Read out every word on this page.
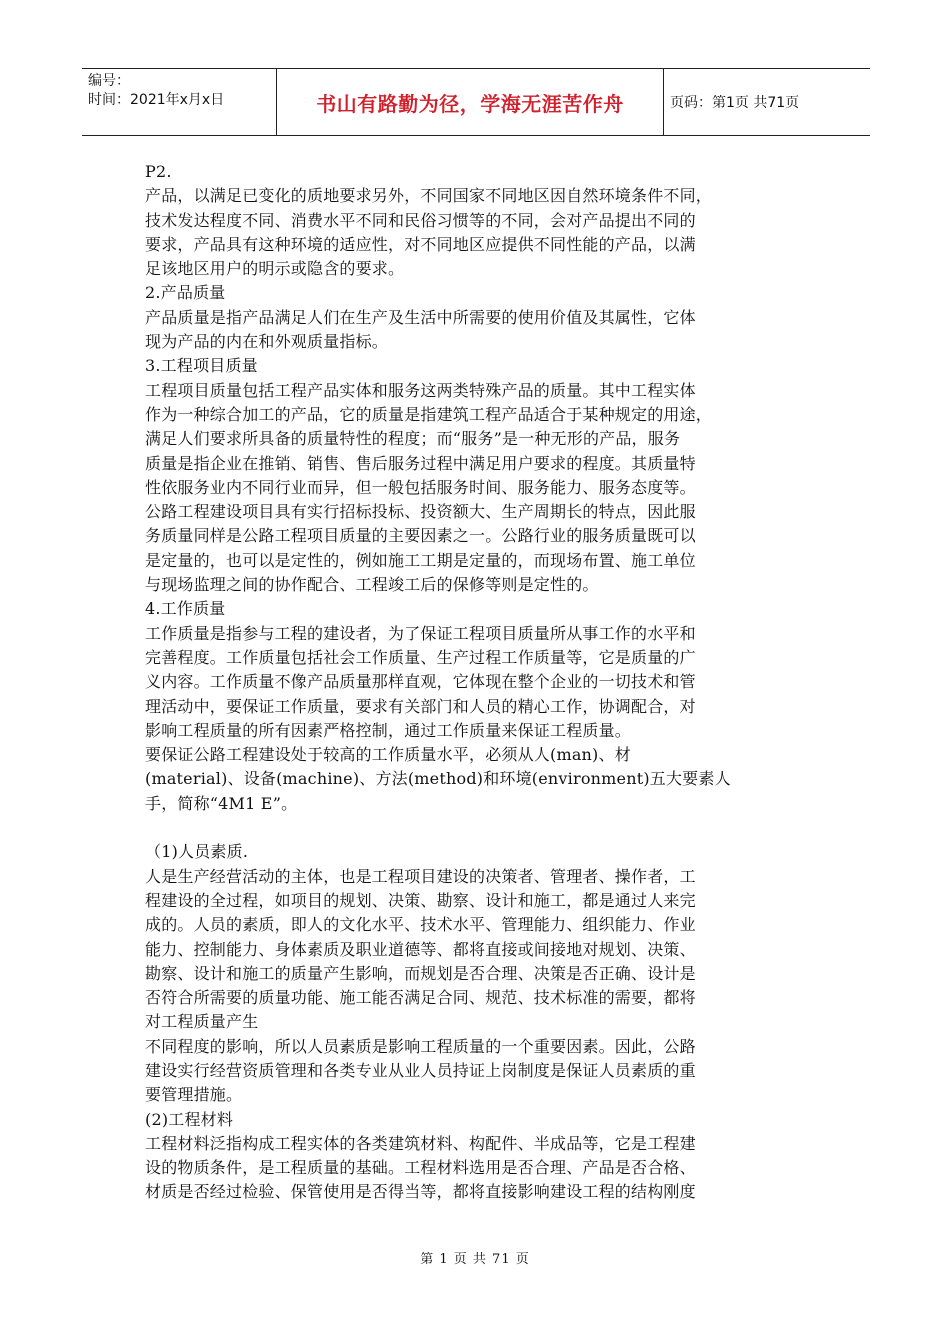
编号：
时间：2021年x月x日	书山有路勤为径，学海无涯苦作舟	页码：第1页 共71页

P2.

产品，以满足已变化的质地要求另外，不同国家不同地区因自然环境条件不同，

技术发达程度不同、消费水平不同和民俗习惯等的不同，会对产品提出不同的

要求，产品具有这种环境的适应性，对不同地区应提供不同性能的产品，以满

足该地区用户的明示或隐含的要求。

2.产品质量

产品质量是指产品满足人们在生产及生活中所需要的使用价值及其属性，它体

现为产品的内在和外观质量指标。

3.工程项目质量

工程项目质量包括工程产品实体和服务这两类特殊产品的质量。其中工程实体

作为一种综合加工的产品，它的质量是指建筑工程产品适合于某种规定的用途，

满足人们要求所具备的质量特性的程度；而“服务”是一种无形的产品，服务

质量是指企业在推销、销售、售后服务过程中满足用户要求的程度。其质量特

性依服务业内不同行业而异，但一般包括服务时间、服务能力、服务态度等。

公路工程建设项目具有实行招标投标、投资额大、生产周期长的特点，因此服

务质量同样是公路工程项目质量的主要因素之一。公路行业的服务质量既可以

是定量的，也可以是定性的，例如施工工期是定量的，而现场布置、施工单位

与现场监理之间的协作配合、工程竣工后的保修等则是定性的。

4.工作质量

工作质量是指参与工程的建设者，为了保证工程项目质量所从事工作的水平和

完善程度。工作质量包括社会工作质量、生产过程工作质量等，它是质量的广

义内容。工作质量不像产品质量那样直观，它体现在整个企业的一切技术和管

理活动中，要保证工作质量，要求有关部门和人员的精心工作，协调配合，对

影响工程质量的所有因素严格控制，通过工作质量来保证工程质量。

要保证公路工程建设处于较高的工作质量水平，必须从人(man)、材

(material)、设备(machine)、方法(method)和环境(environment)五大要素人

手，简称“4M1 E”。

（1)人员素质.

人是生产经营活动的主体，也是工程项目建设的决策者、管理者、操作者，工

程建设的全过程，如项目的规划、决策、勘察、设计和施工，都是通过人来完

成的。人员的素质，即人的文化水平、技术水平、管理能力、组织能力、作业

能力、控制能力、身体素质及职业道德等、都将直接或间接地对规划、决策、

勘察、设计和施工的质量产生影响，而规划是否合理、决策是否正确、设计是

否符合所需要的质量功能、施工能否满足合同、规范、技术标准的需要，都将

对工程质量产生

不同程度的影响，所以人员素质是影响工程质量的一个重要因素。因此，公路

建设实行经营资质管理和各类专业从业人员持证上岗制度是保证人员素质的重

要管理措施。

(2)工程材料

工程材料泛指构成工程实体的各类建筑材料、构配件、半成品等，它是工程建

设的物质条件，是工程质量的基础。工程材料选用是否合理、产品是否合格、

材质是否经过检验、保管使用是否得当等，都将直接影响建设工程的结构刚度

第 1 页 共 71 页
